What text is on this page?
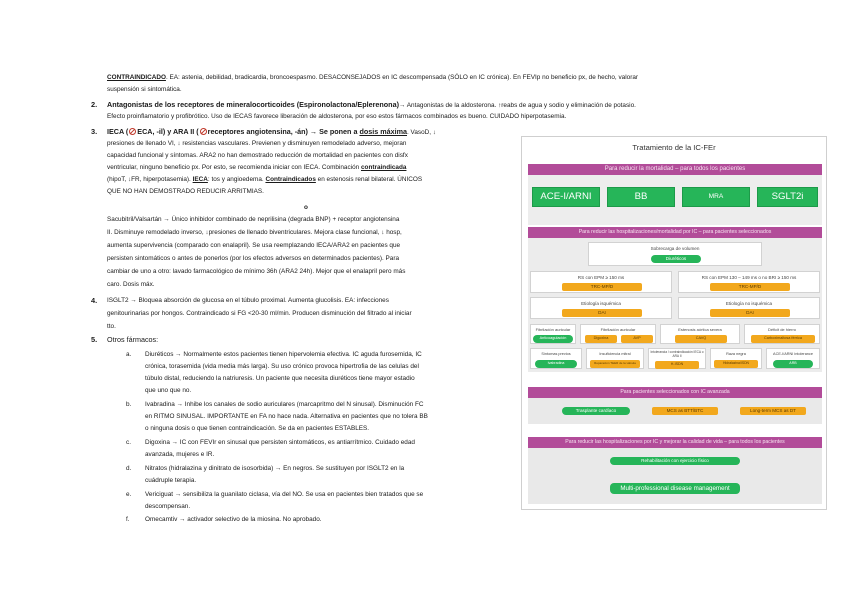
CONTRAINDICADO. EA: astenia, debilidad, bradicardia, broncoespasmo. DESACONSEJADOS en IC descompensada (SÓLO en IC crónica). En FEVIp no beneficio px, de hecho, valorar
suspensión si sintomática.
2. Antagonistas de los receptores de mineralocorticoides (Espironolactona/Eplerenona)→ Antagonistas de la aldosterona. ↑reabs de agua y sodio y eliminación de potasio.
Efecto proinflamatorio y profibrótico. Uso de IECAS favorece liberación de aldosterona, por eso estos fármacos combinados es bueno. CUIDADO hiperpotasemia.
3. IECA ( ECA, -il) y ARA II ( receptores angiotensina, -án) → Se ponen a dosis máxima. VasoD, ↓
presiones de llenado VI, ↓ resistencias vasculares. Previenen y disminuyen remodelado adverso, mejoran
capacidad funcional y síntomas. ARA2 no han demostrado reducción de mortalidad en pacientes con disfx
ventricular, ninguno beneficio px. Por esto, se recomienda iniciar con IECA. Combinación contraindicada
(hipoT, ↓FR, hiperpotasemia). IECA: tos y angioedema. Contraindicados en estenosis renal bilateral. ÚNICOS
QUE NO HAN DEMOSTRADO REDUCIR ARRITMIAS.
o
Sacubitril/Valsartán → Único inhibidor combinado de neprilisina (degrada BNP) + receptor angiotensina
II. Disminuye remodelado inverso, ↓presiones de llenado biventriculares. Mejora clase funcional, ↓ hosp,
aumenta supervivencia (comparado con enalapril). Se usa reemplazando IECA/ARA2 en pacientes que
persisten sintomáticos o antes de ponerlos (por los efectos adversos en determinados pacientes). Para
cambiar de uno a otro: lavado farmacológico de mínimo 36h (ARA2 24h). Mejor que el enalapril pero más
caro. Dosis máx.
4. ISGLT2 → Bloquea absorción de glucosa en el túbulo proximal. Aumenta glucolisis. EA: infecciones
genitourinarias por hongos. Contraindicado si FG <20-30 ml/min. Producen disminución del filtrado al iniciar
tto.
5. Otros fármacos:
a. Diuréticos → Normalmente estos pacientes tienen hipervolemia efectiva. IC aguda furosemida, IC
crónica, torasemida (vida media más larga). Su uso crónico provoca hipertrofia de las celulas del
túbulo distal, reduciendo la natriuresis. Un paciente que necesita diuréticos tiene mayor estadio
que uno que no.
b. Ivabradina → Inhibe los canales de sodio auriculares (marcapritmo del N sinusal). Disminución FC
en RITMO SINUSAL. IMPORTANTE en FA no hace nada. Alternativa en pacientes que no tolera BB
o ninguna dosis o que tienen contraindicación. Se da en pacientes ESTABLES.
c. Digoxina → IC con FEVIr en sinusal que persisten sintomáticos, es antiarrítmico. Cuidado edad
avanzada, mujeres e IR.
d. Nitratos (hidralazina y dinitrato de isosorbida) → En negros. Se sustituyen por ISGLT2 en la
cuádruple terapia.
e. Vericiguat → sensibiliza la guanilato ciclasa, vía del NO. Se usa en pacientes bien tratados que se
descompensan.
f. Omecamtiv → activador selectivo de la miosina. No aprobado.
Tratamiento de la IC-FEr
Para reducir la mortalidad – para todos los pacientes
ACE-I/ARNI	BB	MRA	SGLT2i
Para reducir las hospitalizaciones/mortalidad por IC – para pacientes seleccionados
Sobrecarga de volumen
Diuréticos
RS con EPM ≥ 150 ms
TRC-MP/D
RS con EPM 130 – 149 ms o no BRI ≥ 150 ms
TRC-MP/D
Etiología isquémica
DAI
Etiología no isquémica
DAI
Fibrilación auricular
Anticoagulación
Fibrilación auricular
Digoxina	AVP
Estenosis aórtica severa
CAVQ
Déficit de hierro
Carboximaltosa férrica
Síntomas previos
Ivabradina
Insuficiencia mitral
Reparación TEER de la válvula
Intolerancia / contraindicación IECA o ARA II
H-ISDN
Raza negra
Hidralazina/ISDN
ACE-I/ARNI intolerance
ARB
Para pacientes seleccionados con IC avanzada
Trasplante cardíaco	MCS as BTT/BTC	Long-term MCS as DT
Para reducir las hospitalizaciones por IC y mejorar la calidad de vida – para todos los pacientes
Rehabilitación con ejercicio físico
Multi-professional disease management
